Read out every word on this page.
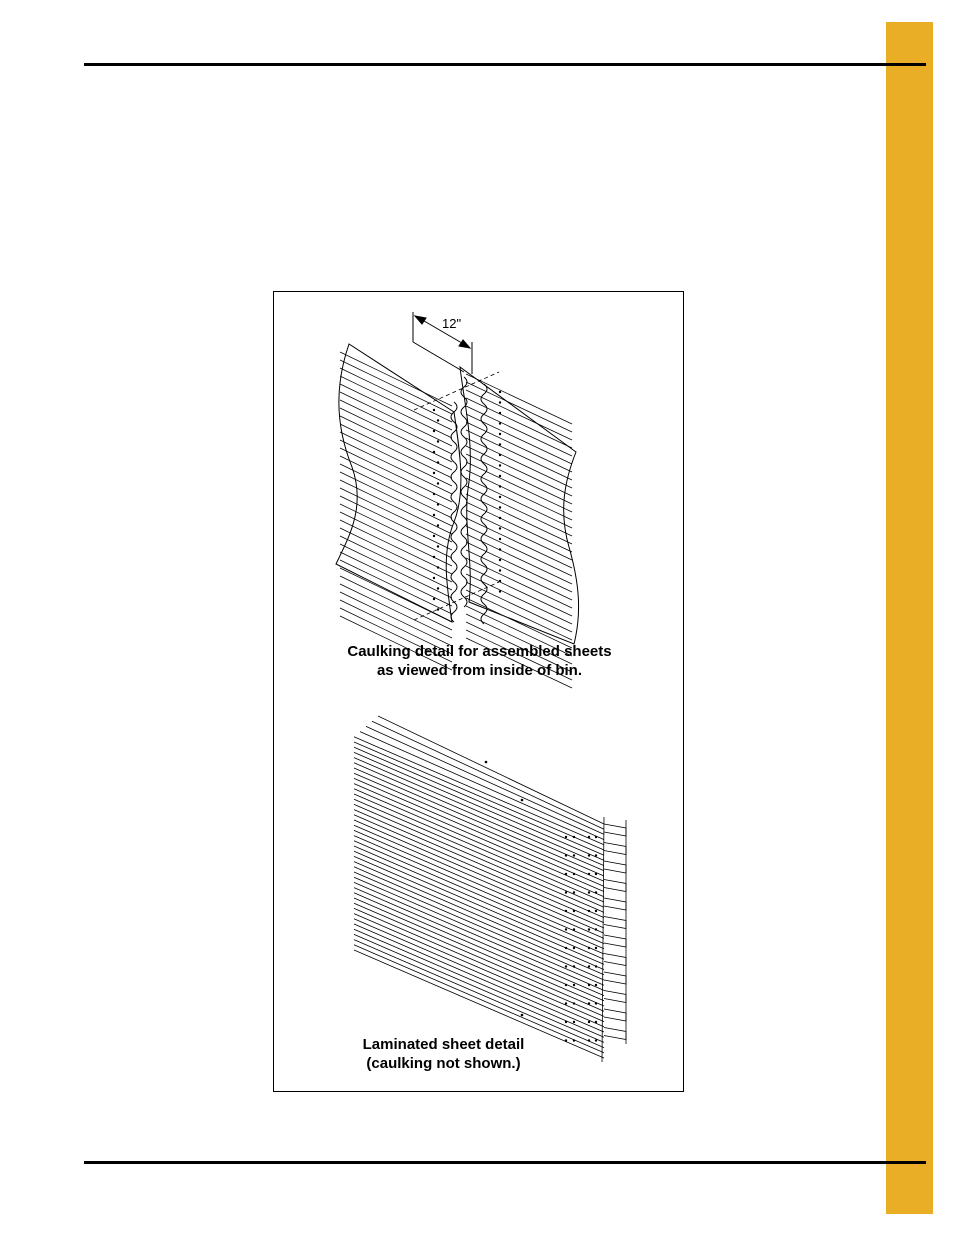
12"
Caulking detail for assembled sheets
as viewed from inside of bin.
Laminated sheet detail
(caulking not shown.)
